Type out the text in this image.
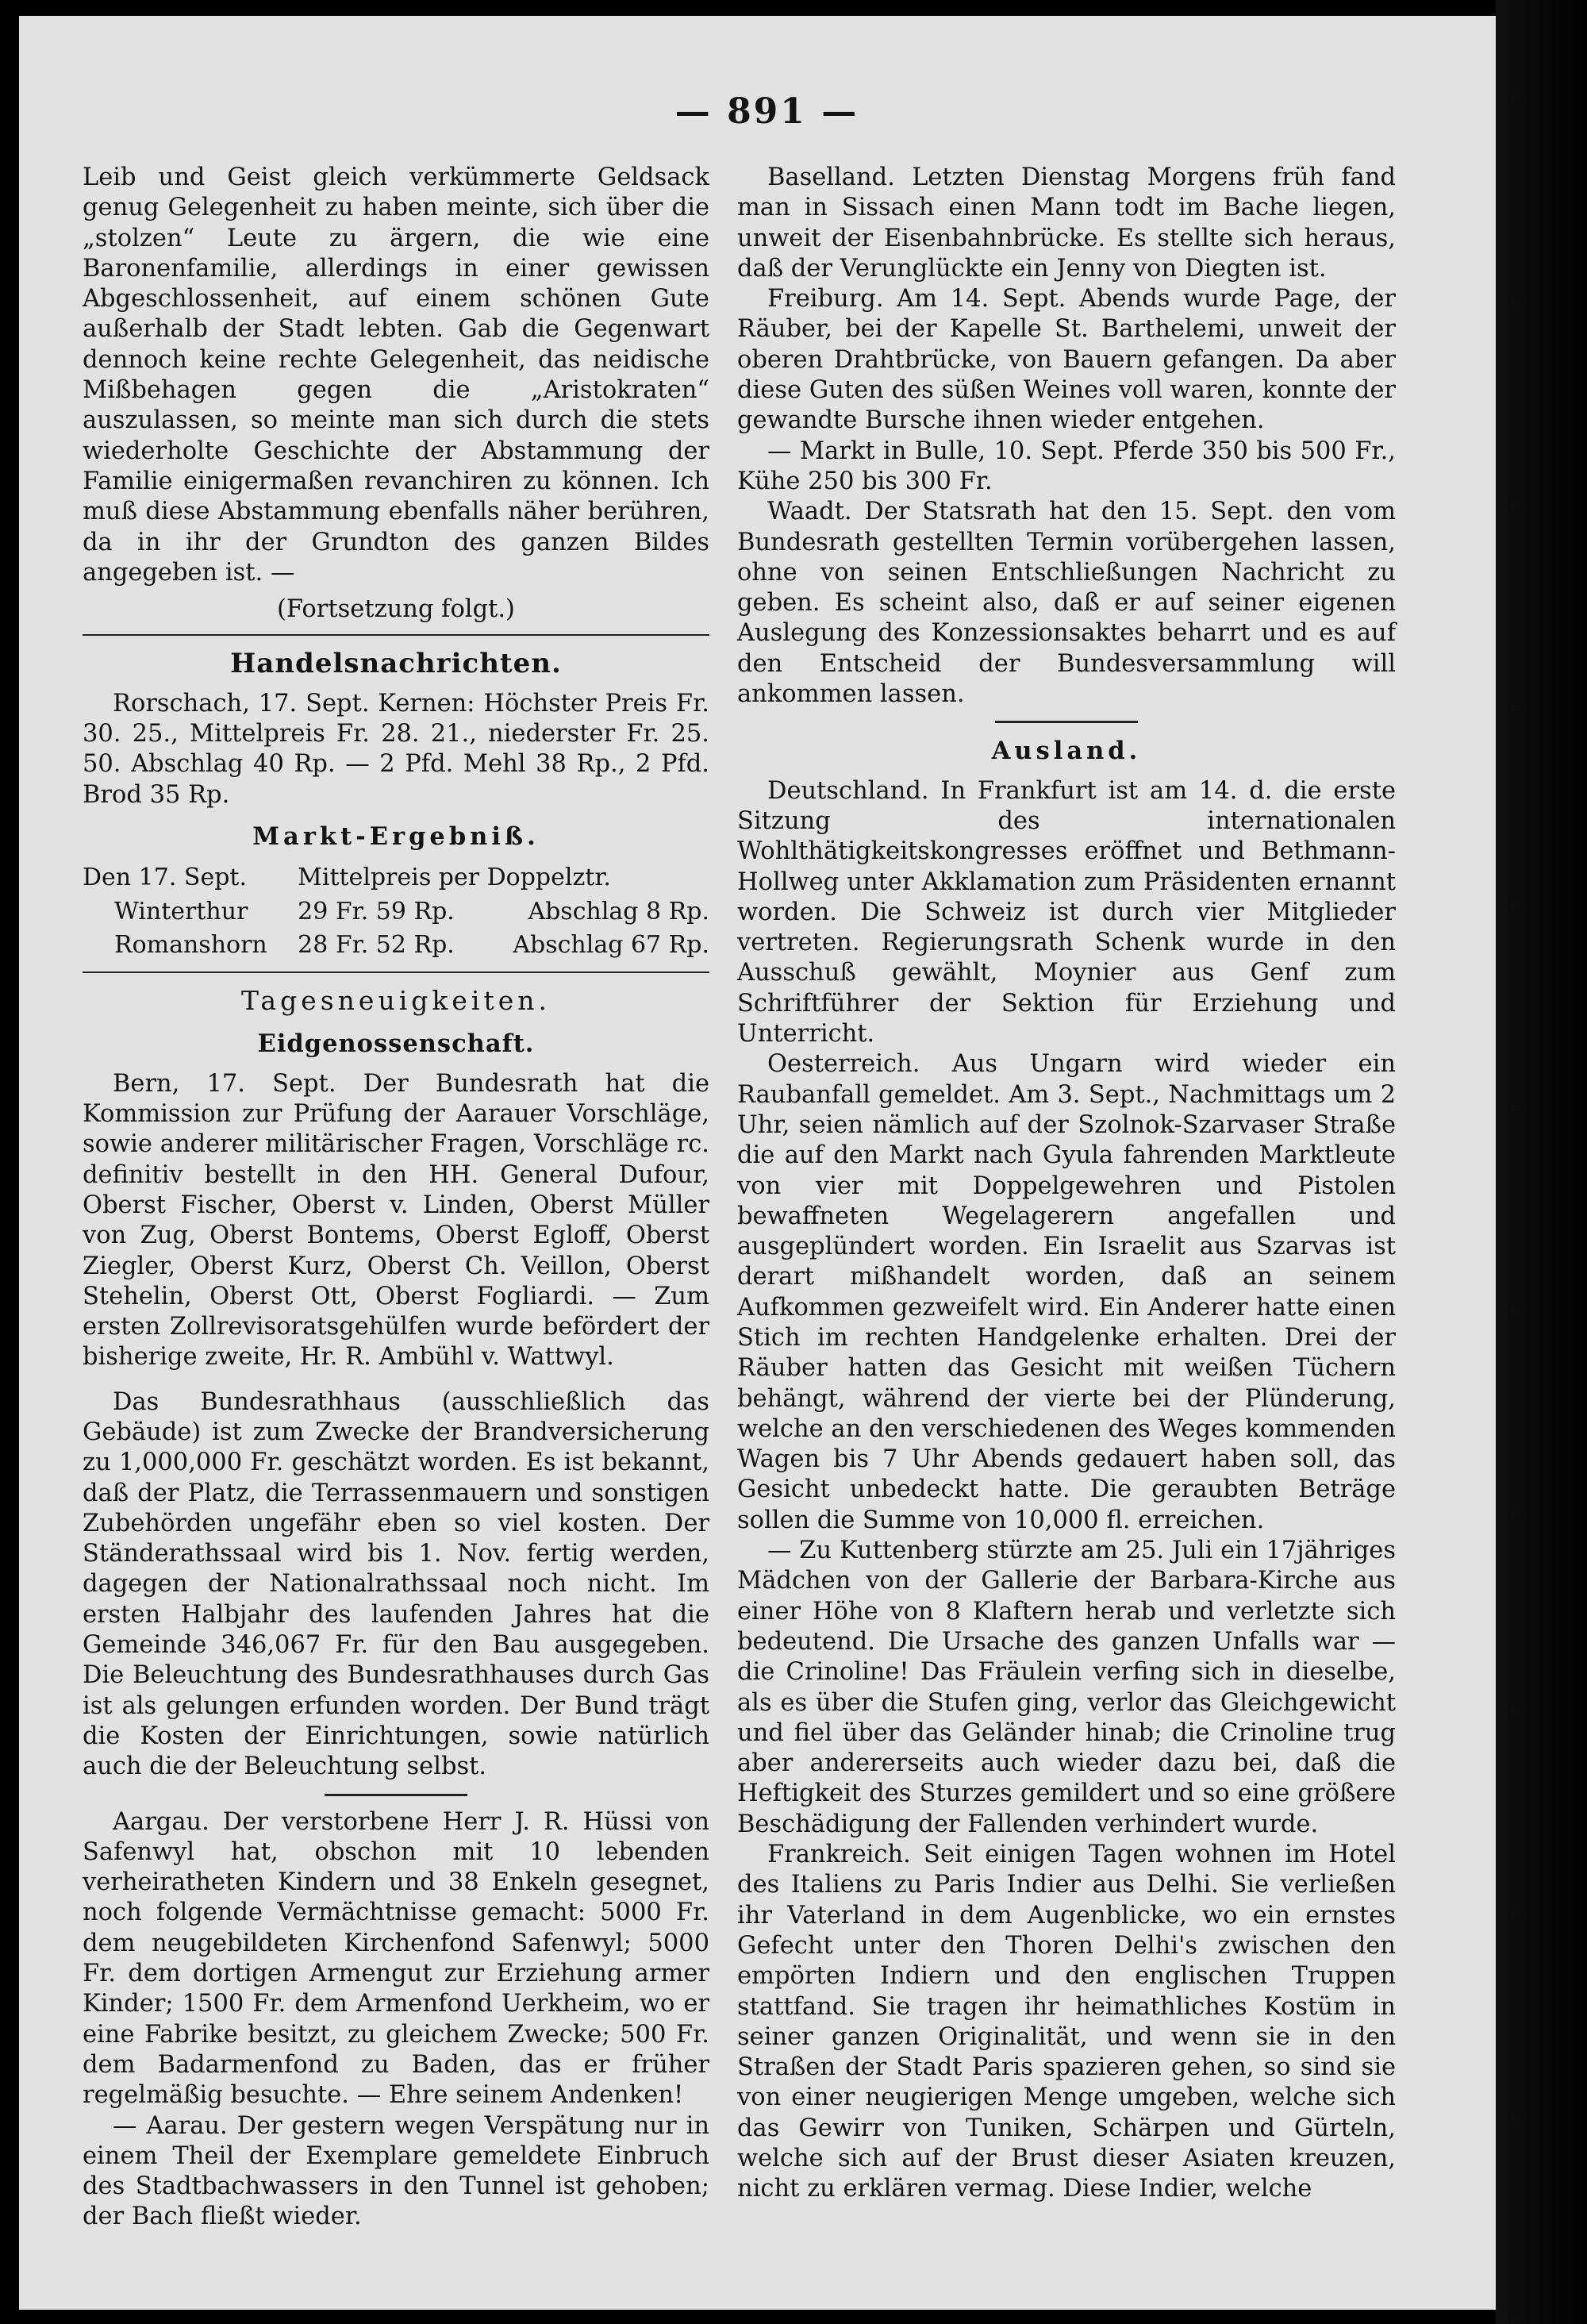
— 891 —

Leib und Geist gleich verkümmerte Geldsack genug Gelegenheit zu haben meinte, sich über die „stolzen“ Leute zu ärgern, die wie eine Baronenfamilie, allerdings in einer gewissen Abgeschlossenheit, auf einem schönen Gute außerhalb der Stadt lebten. Gab die Gegenwart dennoch keine rechte Gelegenheit, das neidische Mißbehagen gegen die „Aristokraten“ auszulassen, so meinte man sich durch die stets wiederholte Geschichte der Abstammung der Familie einigermaßen revanchiren zu können. Ich muß diese Abstammung ebenfalls näher berühren, da in ihr der Grundton des ganzen Bildes angegeben ist. —

(Fortsetzung folgt.)
Handelsnachrichten.

Rorschach, 17. Sept. Kernen: Höchster Preis Fr. 30. 25., Mittelpreis Fr. 28. 21., niederster Fr. 25. 50. Abschlag 40 Rp. — 2 Pfd. Mehl 38 Rp., 2 Pfd. Brod 35 Rp.

Markt-Ergebniß.
Den 17. Sept.	Mittelpreis per Doppelztr.	
Winterthur	29 Fr. 59 Rp.	Abschlag 8 Rp.
Romanshorn	28 Fr. 52 Rp.	Abschlag 67 Rp.
Tagesneuigkeiten.
Eidgenossenschaft.

Bern, 17. Sept. Der Bundesrath hat die Kommission zur Prüfung der Aarauer Vorschläge, sowie anderer militärischer Fragen, Vorschläge rc. definitiv bestellt in den HH. General Dufour, Oberst Fischer, Oberst v. Linden, Oberst Müller von Zug, Oberst Bontems, Oberst Egloff, Oberst Ziegler, Oberst Kurz, Oberst Ch. Veillon, Oberst Stehelin, Oberst Ott, Oberst Fogliardi. — Zum ersten Zollrevisoratsgehülfen wurde befördert der bisherige zweite, Hr. R. Ambühl v. Wattwyl.

Das Bundesrathhaus (ausschließlich das Gebäude) ist zum Zwecke der Brandversicherung zu 1,000,000 Fr. geschätzt worden. Es ist bekannt, daß der Platz, die Terrassenmauern und sonstigen Zubehörden ungefähr eben so viel kosten. Der Ständerathssaal wird bis 1. Nov. fertig werden, dagegen der Nationalrathssaal noch nicht. Im ersten Halbjahr des laufenden Jahres hat die Gemeinde 346,067 Fr. für den Bau ausgegeben. Die Beleuchtung des Bundesrathhauses durch Gas ist als gelungen erfunden worden. Der Bund trägt die Kosten der Einrichtungen, sowie natürlich auch die der Beleuchtung selbst.

Aargau. Der verstorbene Herr J. R. Hüssi von Safenwyl hat, obschon mit 10 lebenden verheiratheten Kindern und 38 Enkeln gesegnet, noch folgende Vermächtnisse gemacht: 5000 Fr. dem neugebildeten Kirchenfond Safenwyl; 5000 Fr. dem dortigen Armengut zur Erziehung armer Kinder; 1500 Fr. dem Armenfond Uerkheim, wo er eine Fabrike besitzt, zu gleichem Zwecke; 500 Fr. dem Badarmenfond zu Baden, das er früher regelmäßig besuchte. — Ehre seinem Andenken!

— Aarau. Der gestern wegen Verspätung nur in einem Theil der Exemplare gemeldete Einbruch des Stadtbachwassers in den Tunnel ist gehoben; der Bach fließt wieder.

Baselland. Letzten Dienstag Morgens früh fand man in Sissach einen Mann todt im Bache liegen, unweit der Eisenbahnbrücke. Es stellte sich heraus, daß der Verunglückte ein Jenny von Diegten ist.

Freiburg. Am 14. Sept. Abends wurde Page, der Räuber, bei der Kapelle St. Barthelemi, unweit der oberen Drahtbrücke, von Bauern gefangen. Da aber diese Guten des süßen Weines voll waren, konnte der gewandte Bursche ihnen wieder entgehen.

— Markt in Bulle, 10. Sept. Pferde 350 bis 500 Fr., Kühe 250 bis 300 Fr.

Waadt. Der Statsrath hat den 15. Sept. den vom Bundesrath gestellten Termin vorübergehen lassen, ohne von seinen Entschließungen Nachricht zu geben. Es scheint also, daß er auf seiner eigenen Auslegung des Konzessionsaktes beharrt und es auf den Entscheid der Bundesversammlung will ankommen lassen.

Ausland.

Deutschland. In Frankfurt ist am 14. d. die erste Sitzung des internationalen Wohlthätigkeitskongresses eröffnet und Bethmann-Hollweg unter Akklamation zum Präsidenten ernannt worden. Die Schweiz ist durch vier Mitglieder vertreten. Regierungsrath Schenk wurde in den Ausschuß gewählt, Moynier aus Genf zum Schriftführer der Sektion für Erziehung und Unterricht.

Oesterreich. Aus Ungarn wird wieder ein Raubanfall gemeldet. Am 3. Sept., Nachmittags um 2 Uhr, seien nämlich auf der Szolnok-Szarvaser Straße die auf den Markt nach Gyula fahrenden Marktleute von vier mit Doppelgewehren und Pistolen bewaffneten Wegelagerern angefallen und ausgeplündert worden. Ein Israelit aus Szarvas ist derart mißhandelt worden, daß an seinem Aufkommen gezweifelt wird. Ein Anderer hatte einen Stich im rechten Handgelenke erhalten. Drei der Räuber hatten das Gesicht mit weißen Tüchern behängt, während der vierte bei der Plünderung, welche an den verschiedenen des Weges kommenden Wagen bis 7 Uhr Abends gedauert haben soll, das Gesicht unbedeckt hatte. Die geraubten Beträge sollen die Summe von 10,000 fl. erreichen.

— Zu Kuttenberg stürzte am 25. Juli ein 17jähriges Mädchen von der Gallerie der Barbara-Kirche aus einer Höhe von 8 Klaftern herab und verletzte sich bedeutend. Die Ursache des ganzen Unfalls war — die Crinoline! Das Fräulein verfing sich in dieselbe, als es über die Stufen ging, verlor das Gleichgewicht und fiel über das Geländer hinab; die Crinoline trug aber andererseits auch wieder dazu bei, daß die Heftigkeit des Sturzes gemildert und so eine größere Beschädigung der Fallenden verhindert wurde.

Frankreich. Seit einigen Tagen wohnen im Hotel des Italiens zu Paris Indier aus Delhi. Sie verließen ihr Vaterland in dem Augenblicke, wo ein ernstes Gefecht unter den Thoren Delhi's zwischen den empörten Indiern und den englischen Truppen stattfand. Sie tragen ihr heimathliches Kostüm in seiner ganzen Originalität, und wenn sie in den Straßen der Stadt Paris spazieren gehen, so sind sie von einer neugierigen Menge umgeben, welche sich das Gewirr von Tuniken, Schärpen und Gürteln, welche sich auf der Brust dieser Asiaten kreuzen, nicht zu erklären vermag. Diese Indier, welche
